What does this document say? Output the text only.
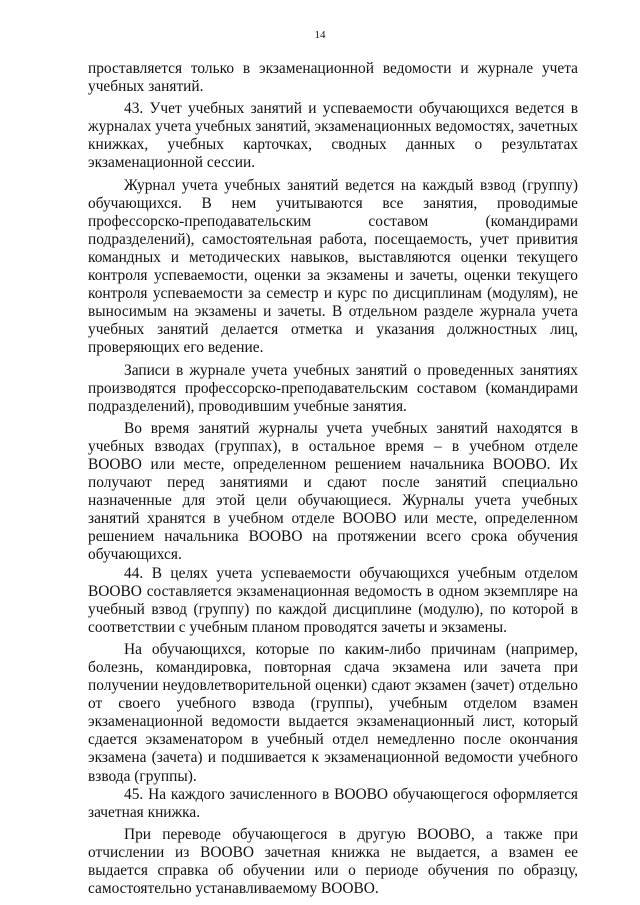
14

проставляется только в экзаменационной ведомости и журнале учета учебных занятий.

43. Учет учебных занятий и успеваемости обучающихся ведется в журналах учета учебных занятий, экзаменационных ведомостях, зачетных книжках, учебных карточках, сводных данных о результатах экзаменационной сессии.

Журнал учета учебных занятий ведется на каждый взвод (группу) обучающихся. В нем учитываются все занятия, проводимые профессорско-преподавательским составом (командирами подразделений), самостоятельная работа, посещаемость, учет привития командных и методических навыков, выставляются оценки текущего контроля успеваемости, оценки за экзамены и зачеты, оценки текущего контроля успеваемости за семестр и курс по дисциплинам (модулям), не выносимым на экзамены и зачеты. В отдельном разделе журнала учета учебных занятий делается отметка и указания должностных лиц, проверяющих его ведение.

Записи в журнале учета учебных занятий о проведенных занятиях производятся профессорско-преподавательским составом (командирами подразделений), проводившим учебные занятия.

Во время занятий журналы учета учебных занятий находятся в учебных взводах (группах), в остальное время – в учебном отделе ВООВО или месте, определенном решением начальника ВООВО. Их получают перед занятиями и сдают после занятий специально назначенные для этой цели обучающиеся. Журналы учета учебных занятий хранятся в учебном отделе ВООВО или месте, определенном решением начальника ВООВО на протяжении всего срока обучения обучающихся.

44. В целях учета успеваемости обучающихся учебным отделом ВООВО составляется экзаменационная ведомость в одном экземпляре на учебный взвод (группу) по каждой дисциплине (модулю), по которой в соответствии с учебным планом проводятся зачеты и экзамены.

На обучающихся, которые по каким-либо причинам (например, болезнь, командировка, повторная сдача экзамена или зачета при получении неудовлетворительной оценки) сдают экзамен (зачет) отдельно от своего учебного взвода (группы), учебным отделом взамен экзаменационной ведомости выдается экзаменационный лист, который сдается экзаменатором в учебный отдел немедленно после окончания экзамена (зачета) и подшивается к экзаменационной ведомости учебного взвода (группы).

45. На каждого зачисленного в ВООВО обучающегося оформляется зачетная книжка.

При переводе обучающегося в другую ВООВО, а также при отчислении из ВООВО зачетная книжка не выдается, а взамен ее выдается справка об обучении или о периоде обучения по образцу, самостоятельно устанавливаемому ВООВО.
